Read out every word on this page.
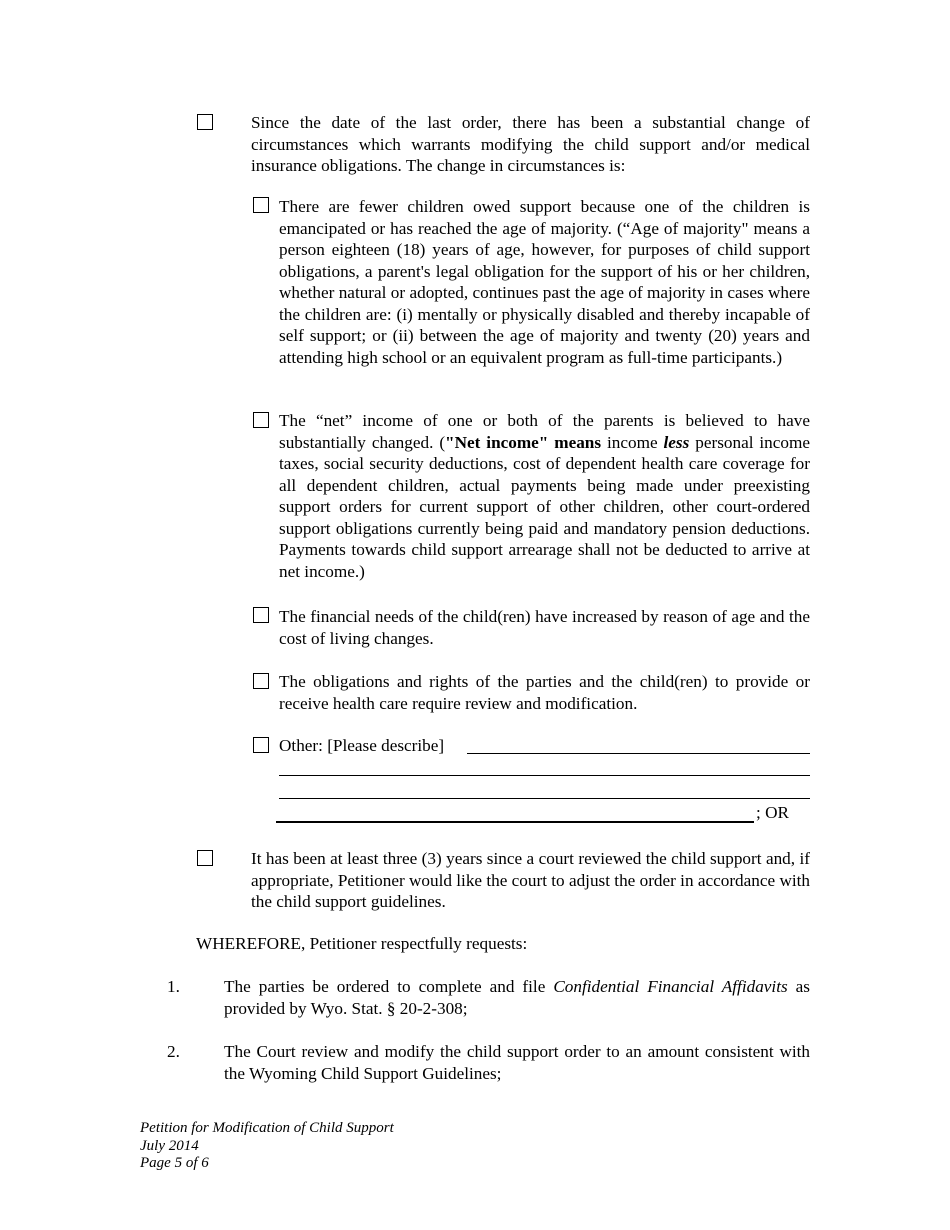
Since the date of the last order, there has been a substantial change of circumstances which warrants modifying the child support and/or medical insurance obligations. The change in circumstances is:
There are fewer children owed support because one of the children is emancipated or has reached the age of majority. (“Age of majority" means a person eighteen (18) years of age, however, for purposes of child support obligations, a parent's legal obligation for the support of his or her children, whether natural or adopted, continues past the age of majority in cases where the children are: (i) mentally or physically disabled and thereby incapable of self support; or (ii) between the age of majority and twenty (20) years and attending high school or an equivalent program as full-time participants.)
The “net” income of one or both of the parents is believed to have substantially changed. ("Net income" means income less personal income taxes, social security deductions, cost of dependent health care coverage for all dependent children, actual payments being made under preexisting support orders for current support of other children, other court-ordered support obligations currently being paid and mandatory pension deductions. Payments towards child support arrearage shall not be deducted to arrive at net income.)
The financial needs of the child(ren) have increased by reason of age and the cost of living changes.
The obligations and rights of the parties and the child(ren) to provide or receive health care require review and modification.
Other: [Please describe]
; OR
It has been at least three (3) years since a court reviewed the child support and, if appropriate, Petitioner would like the court to adjust the order in accordance with the child support guidelines.
WHEREFORE, Petitioner respectfully requests:
1.	The parties be ordered to complete and file Confidential Financial Affidavits as provided by Wyo. Stat. § 20-2-308;
2.	The Court review and modify the child support order to an amount consistent with the Wyoming Child Support Guidelines;
Petition for Modification of Child Support
July 2014
Page 5 of 6
